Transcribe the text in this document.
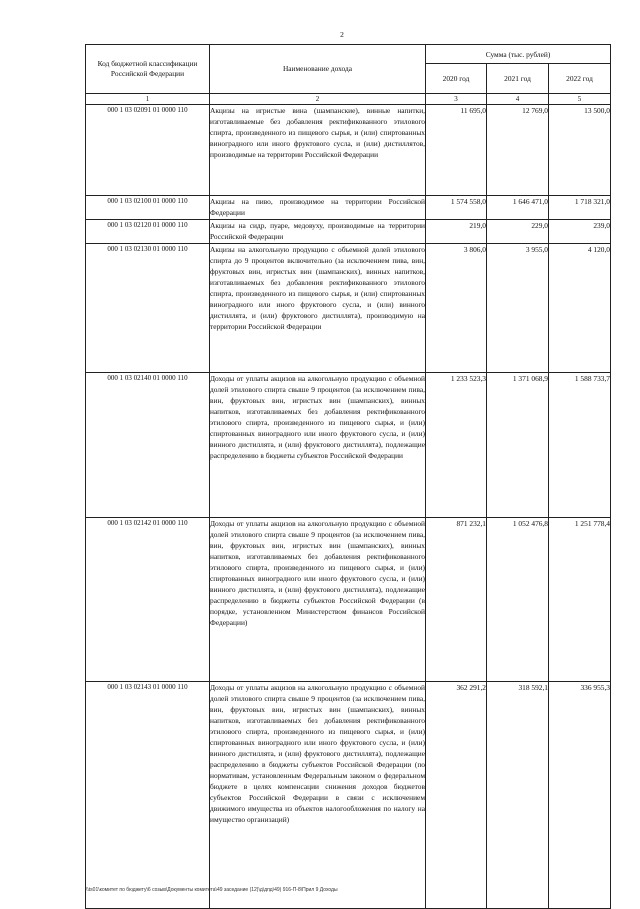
2
Код бюджетной классификации Российской Федерации	Наименование дохода	Сумма (тыс. рублей)		
		2020 год	2021 год	2022 год
1	2	3	4	5
000 1 03 02091 01 0000 110	Акцизы на игристые вина (шампанские), винные напитки, изготавливаемые без добавления ректификованного этилового спирта, произведенного из пищевого сырья, и (или) спиртованных виноградного или иного фруктового сусла, и (или) дистиллятов, производимые на территории Российской Федерации	11 695,0	12 769,0	13 500,0
000 1 03 02100 01 0000 110	Акцизы на пиво, производимое на территории Российской Федерации	1 574 558,0	1 646 471,0	1 718 321,0
000 1 03 02120 01 0000 110	Акцизы на сидр, пуаре, медовуху, производимые на территории Российской Федерации	219,0	229,0	239,0
000 1 03 02130 01 0000 110	Акцизы на алкогольную продукцию с объемной долей этилового спирта до 9 процентов включительно (за исключением пива, вин, фруктовых вин, игристых вин (шампанских), винных напитков, изготавливаемых без добавления ректификованного этилового спирта, произведенного из пищевого сырья, и (или) спиртованных виноградного или иного фруктового сусла, и (или) винного дистиллята, и (или) фруктового дистиллята), производимую на территории Российской Федерации	3 806,0	3 955,0	4 120,0
000 1 03 02140 01 0000 110	Доходы от уплаты акцизов на алкогольную продукцию с объемной долей этилового спирта свыше 9 процентов (за исключением пива, вин, фруктовых вин, игристых вин (шампанских), винных напитков, изготавливаемых без добавления ректификованного этилового спирта, произведенного из пищевого сырья, и (или) спиртованных виноградного или иного фруктового сусла, и (или) винного дистиллята, и (или) фруктового дистиллята), подлежащие распределению в бюджеты субъектов Российской Федерации	1 233 523,3	1 371 068,9	1 588 733,7
000 1 03 02142 01 0000 110	Доходы от уплаты акцизов на алкогольную продукцию с объемной долей этилового спирта свыше 9 процентов (за исключением пива, вин, фруктовых вин, игристых вин (шампанских), винных напитков, изготавливаемых без добавления ректификованного этилового спирта, произведенного из пищевого сырья, и (или) спиртованных виноградного или иного фруктового сусла, и (или) винного дистиллята, и (или) фруктового дистиллята), подлежащие распределению в бюджеты субъектов Российской Федерации (в порядке, установленном Министерством финансов Российской Федерации)	871 232,1	1 052 476,8	1 251 778,4
000 1 03 02143 01 0000 110	Доходы от уплаты акцизов на алкогольную продукцию с объемной долей этилового спирта свыше 9 процентов (за исключением пива, вин, фруктовых вин, игристых вин (шампанских), винных напитков, изготавливаемых без добавления ректификованного этилового спирта, произведенного из пищевого сырья, и (или) спиртованных виноградного или иного фруктового сусла, и (или) винного дистиллята, и (или) фруктового дистиллята), подлежащие распределению в бюджеты субъектов Российской Федерации (по нормативам, установленным Федеральным законом о федеральном бюджете в целях компенсации снижения доходов бюджетов субъектов Российской Федерации в связи с исключением движимого имущества из объектов налогообложения по налогу на имущество организаций)	362 291,2	318 592,1	336 955,3
\\ts01\комитет по бюджету\6 созыв\Документы комитета\49 заседание (12)\д\дпд\49) 916-П-8\Прил 9 Доходы
